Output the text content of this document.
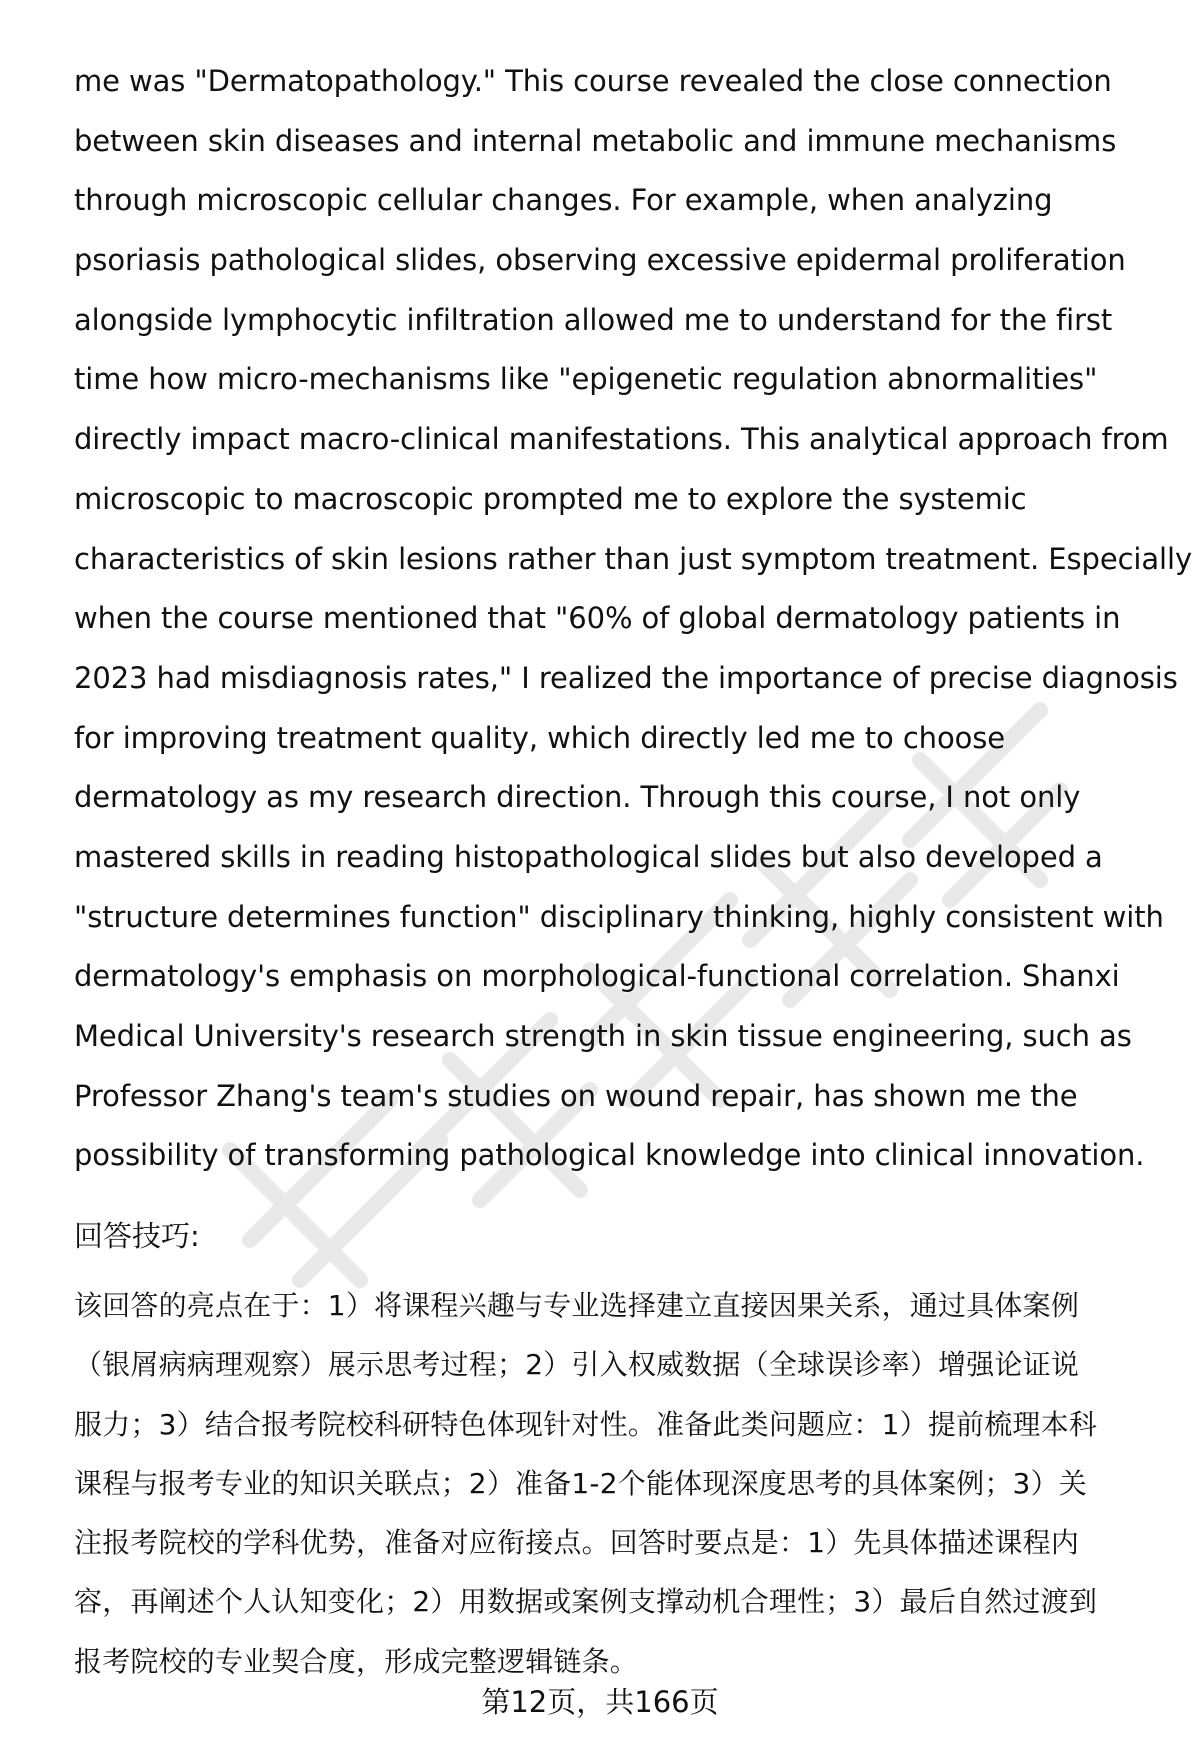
me was "Dermatopathology." This course revealed the close connection
between skin diseases and internal metabolic and immune mechanisms
through microscopic cellular changes. For example, when analyzing
psoriasis pathological slides, observing excessive epidermal proliferation
alongside lymphocytic infiltration allowed me to understand for the first
time how micro-mechanisms like "epigenetic regulation abnormalities"
directly impact macro-clinical manifestations. This analytical approach from
microscopic to macroscopic prompted me to explore the systemic
characteristics of skin lesions rather than just symptom treatment. Especially
when the course mentioned that "60% of global dermatology patients in
2023 had misdiagnosis rates," I realized the importance of precise diagnosis
for improving treatment quality, which directly led me to choose
dermatology as my research direction. Through this course, I not only
mastered skills in reading histopathological slides but also developed a
"structure determines function" disciplinary thinking, highly consistent with
dermatology's emphasis on morphological-functional correlation. Shanxi
Medical University's research strength in skin tissue engineering, such as
Professor Zhang's team's studies on wound repair, has shown me the
possibility of transforming pathological knowledge into clinical innovation.
回答技巧:
该回答的亮点在于：1）将课程兴趣与专业选择建立直接因果关系，通过具体案例
（银屑病病理观察）展示思考过程；2）引入权威数据（全球误诊率）增强论证说
服力；3）结合报考院校科研特色体现针对性。准备此类问题应：1）提前梳理本科
课程与报考专业的知识关联点；2）准备1-2个能体现深度思考的具体案例；3）关
注报考院校的学科优势，准备对应衔接点。回答时要点是：1）先具体描述课程内
容，再阐述个人认知变化；2）用数据或案例支撑动机合理性；3）最后自然过渡到
报考院校的专业契合度，形成完整逻辑链条。
第12页，共166页
